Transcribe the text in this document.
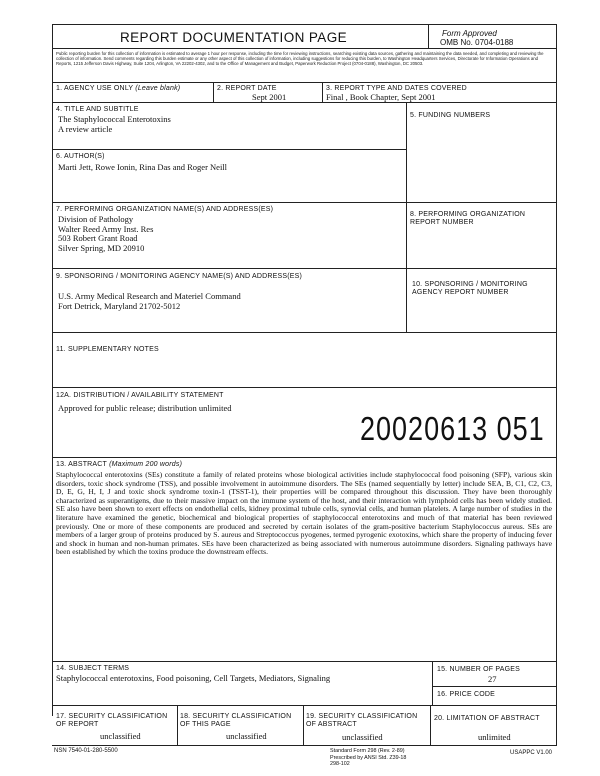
REPORT DOCUMENTATION PAGE	Form Approved
OMB No. 0704-0188
Public reporting burden for this collection of information is estimated to average 1 hour per response, including the time for reviewing instructions, searching existing data sources, gathering and maintaining the data needed, and completing and reviewing the collection of information. Send comments regarding this burden estimate or any other aspect of this collection of information, including suggestions for reducing this burden, to Washington Headquarters Services, Directorate for Information Operations and Reports, 1215 Jefferson Davis Highway, Suite 1204, Arlington, VA 22202-4302, and to the Office of Management and Budget, Paperwork Reduction Project (0704-0188), Washington, DC 20503.
1. AGENCY USE ONLY (Leave blank)	2. REPORT DATE
Sept 2001
3. REPORT TYPE AND DATES COVERED
Final , Book Chapter, Sept 2001
4. TITLE AND SUBTITLE
The Staphylococcal Enterotoxins
A review article
5. FUNDING NUMBERS
6. AUTHOR(S)
Marti Jett, Rowe Ionin, Rina Das and Roger Neill
7. PERFORMING ORGANIZATION NAME(S) AND ADDRESS(ES)
Division of Pathology
Walter Reed Army Inst. Res
503 Robert Grant Road
Silver Spring, MD 20910
8. PERFORMING ORGANIZATION
REPORT NUMBER
9. SPONSORING / MONITORING AGENCY NAME(S) AND ADDRESS(ES)
U.S. Army Medical Research and Materiel Command
Fort Detrick, Maryland 21702-5012
10. SPONSORING / MONITORING
AGENCY REPORT NUMBER
11. SUPPLEMENTARY NOTES
12A. DISTRIBUTION / AVAILABILITY STATEMENT
Approved for public release; distribution unlimited
20020613 051
13. ABSTRACT (Maximum 200 words)
Staphylococcal enterotoxins (SEs) constitute a family of related proteins whose biological activities include staphylococcal food poisoning (SFP), various skin disorders, toxic shock syndrome (TSS), and possible involvement in autoimmune disorders. The SEs (named sequentially by letter) include SEA, B, C1, C2, C3, D, E, G, H, I, J and toxic shock syndrome toxin-1 (TSST-1), their properties will be compared throughout this discussion. They have been thoroughly characterized as superantigens, due to their massive impact on the immune system of the host, and their interaction with lymphoid cells has been widely studied. SE also have been shown to exert effects on endothelial cells, kidney proximal tubule cells, synovial cells, and human platelets. A large number of studies in the literature have examined the genetic, biochemical and biological properties of staphylococcal enterotoxins and much of that material has been reviewed previously. One or more of these components are produced and secreted by certain isolates of the gram-positive bacterium Staphylococcus aureus. SEs are members of a larger group of proteins produced by S. aureus and Streptococcus pyogenes, termed pyrogenic exotoxins, which share the property of inducing fever and shock in human and non-human primates. SEs have been characterized as being associated with numerous autoimmune disorders. Signaling pathways have been established by which the toxins produce the downstream effects.
14. SUBJECT TERMS
Staphylococcal enterotoxins, Food poisoning, Cell Targets, Mediators, Signaling
15. NUMBER OF PAGES
27
16. PRICE CODE
17. SECURITY CLASSIFICATION
OF REPORT
unclassified
18. SECURITY CLASSIFICATION
OF THIS PAGE
unclassified
19. SECURITY CLASSIFICATION
OF ABSTRACT
unclassified
20. LIMITATION OF ABSTRACT
unlimited
NSN 7540-01-280-5500	Standard Form 298 (Rev. 2-89)
Prescribed by ANSI Std. Z39-18
298-102
USAPPC V1.00
